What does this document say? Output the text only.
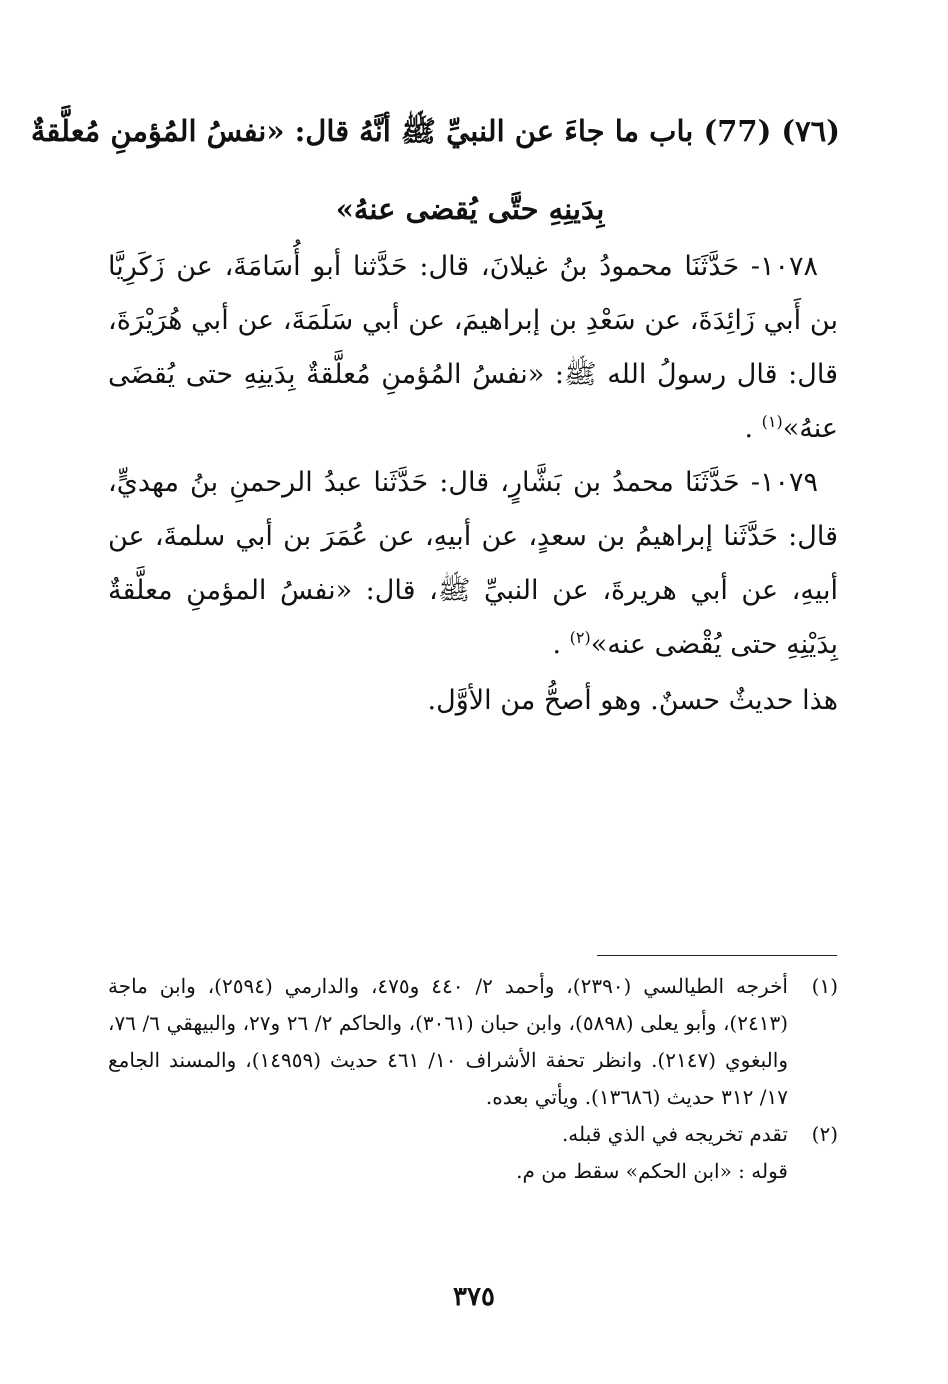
(٧٦) (77) باب ما جاءَ عن النبيِّ ﷺ أنَّهُ قال: «نفسُ المُؤمنِ مُعلَّقةٌ
بِدَينِهِ حتَّى يُقضى عنهُ»
١٠٧٨- حَدَّثَنَا محمودُ بنُ غيلانَ، قال: حَدَّثنا أبو أُسَامَةَ، عن زَكَرِيَّا بن أَبي زَائِدَةَ، عن سَعْدِ بن إبراهيمَ، عن أبي سَلَمَةَ، عن أبي هُرَيْرَةَ، قال: قال رسولُ الله ﷺ: «نفسُ المُؤمنِ مُعلَّقةٌ بِدَينِهِ حتى يُقضَى عنهُ»$^{(١)}$ .
١٠٧٩- حَدَّثَنَا محمدُ بن بَشَّارٍ، قال: حَدَّثَنا عبدُ الرحمنِ بنُ مهديٍّ، قال: حَدَّثَنا إبراهيمُ بن سعدٍ، عن أبيهِ، عن عُمَرَ بن أبي سلمةَ، عن أبيهِ، عن أبي هريرةَ، عن النبيِّ ﷺ، قال: «نفسُ المؤمنِ معلَّقةٌ بِدَيْنِهِ حتى يُقْضى عنه»$^{(٢)}$ .
هذا حديثٌ حسنٌ. وهو أصحُّ من الأوَّل.
(١)
أخرجه الطيالسي (٢٣٩٠)، وأحمد ٢/ ٤٤٠ و٤٧٥، والدارمي (٢٥٩٤)، وابن ماجة (٢٤١٣)، وأبو يعلى (٥٨٩٨)، وابن حبان (٣٠٦١)، والحاكم ٢/ ٢٦ و٢٧، والبيهقي ٦/ ٧٦، والبغوي (٢١٤٧). وانظر تحفة الأشراف ١٠/ ٤٦١ حديث (١٤٩٥٩)، والمسند الجامع ١٧/ ٣١٢ حديث (١٣٦٨٦). ويأتي بعده.
(٢)
تقدم تخريجه في الذي قبله.
قوله : «ابن الحكم» سقط من م.
٣٧٥
